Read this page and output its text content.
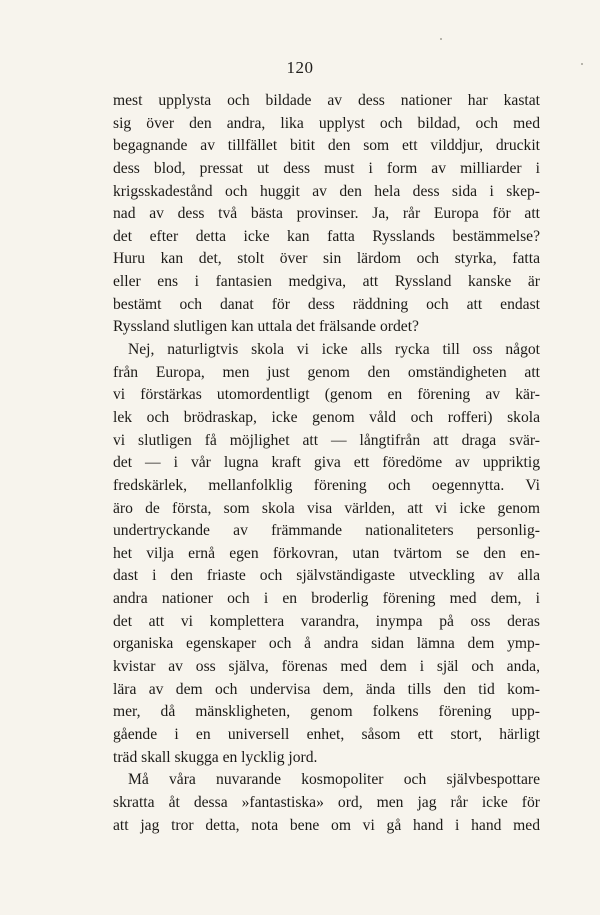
120
mest upplysta och bildade av dess nationer har kastat
sig över den andra, lika upplyst och bildad, och med
begagnande av tillfället bitit den som ett vilddjur, druckit
dess blod, pressat ut dess must i form av milliarder i
krigsskadestånd och huggit av den hela dess sida i skep-
nad av dess två bästa provinser. Ja, rår Europa för att
det efter detta icke kan fatta Rysslands bestämmelse?
Huru kan det, stolt över sin lärdom och styrka, fatta
eller ens i fantasien medgiva, att Ryssland kanske är
bestämt och danat för dess räddning och att endast
Ryssland slutligen kan uttala det frälsande ordet?
Nej, naturligtvis skola vi icke alls rycka till oss något
från Europa, men just genom den omständigheten att
vi förstärkas utomordentligt (genom en förening av kär-
lek och brödraskap, icke genom våld och rofferi) skola
vi slutligen få möjlighet att — långtifrån att draga svär-
det — i vår lugna kraft giva ett föredöme av uppriktig
fredskärlek, mellanfolklig förening och oegennytta. Vi
äro de första, som skola visa världen, att vi icke genom
undertryckande av främmande nationaliteters personlig-
het vilja ernå egen förkovran, utan tvärtom se den en-
dast i den friaste och självständigaste utveckling av alla
andra nationer och i en broderlig förening med dem, i
det att vi komplettera varandra, inympa på oss deras
organiska egenskaper och å andra sidan lämna dem ymp-
kvistar av oss själva, förenas med dem i själ och anda,
lära av dem och undervisa dem, ända tills den tid kom-
mer, då mänskligheten, genom folkens förening upp-
gående i en universell enhet, såsom ett stort, härligt
träd skall skugga en lycklig jord.
Må våra nuvarande kosmopoliter och självbespottare
skratta åt dessa »fantastiska» ord, men jag rår icke för
att jag tror detta, nota bene om vi gå hand i hand med
